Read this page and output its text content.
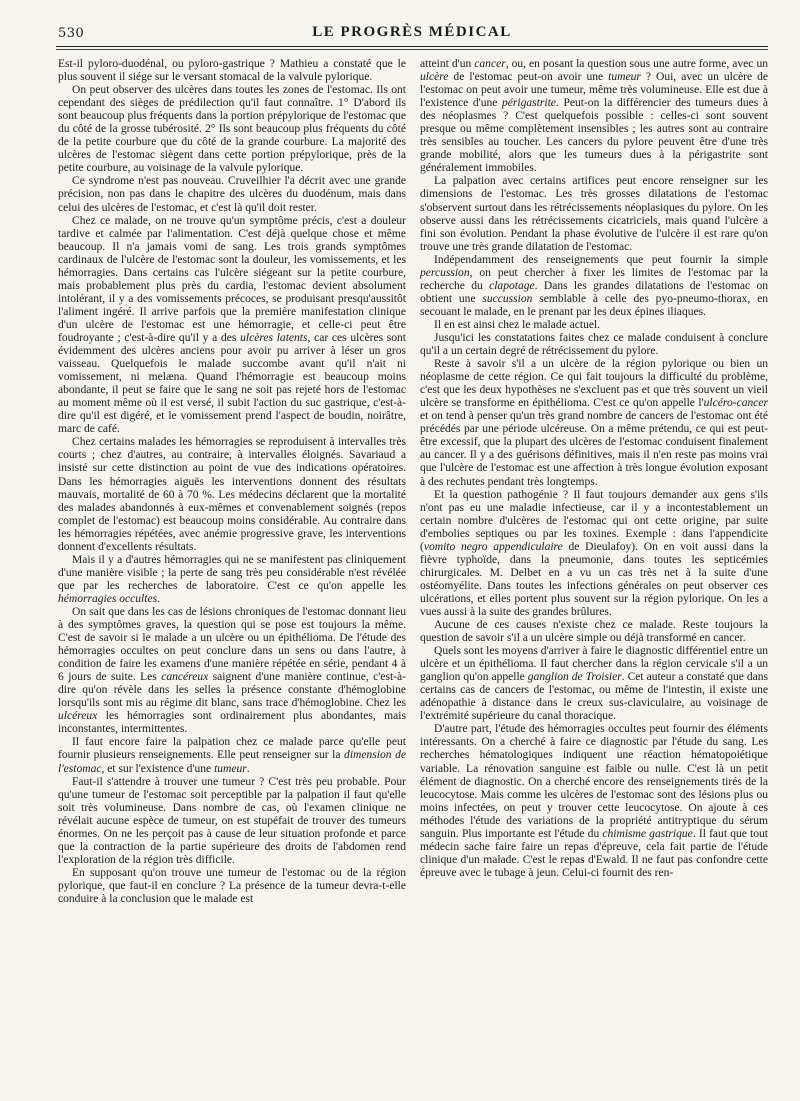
530	LE PROGRÈS MÉDICAL

Est-il pyloro-duodénal, ou pyloro-gastrique ? Mathieu a constaté que le plus souvent il siége sur le versant stomacal de la valvule pylorique.

On peut observer des ulcères dans toutes les zones de l'estomac. Ils ont cependant des sièges de prédilection qu'il faut connaître. 1° D'abord ils sont beaucoup plus fréquents dans la portion prépylorique de l'estomac que du côté de la grosse tubérosité. 2° Ils sont beaucoup plus fréquents du côté de la petite courbure que du côté de la grande courbure. La majorité des ulcères de l'estomac siègent dans cette portion prépylorique, près de la petite courbure, au voisinage de la valvule pylorique.

Ce syndrome n'est pas nouveau. Cruveilhier l'a décrit avec une grande précision, non pas dans le chapitre des ulcères du duodénum, mais dans celui des ulcères de l'estomac, et c'est là qu'il doit rester.

Chez ce malade, on ne trouve qu'un symptôme précis, c'est a douleur tardive et calmée par l'alimentation. C'est déjà quelque chose et même beaucoup. Il n'a jamais vomi de sang. Les trois grands symptômes cardinaux de l'ulcère de l'estomac sont la douleur, les vomissements, et les hémorragies. Dans certains cas l'ulcère siégeant sur la petite courbure, mais probablement plus près du cardia, l'estomac devient absolument intolérant, il y a des vomissements précoces, se produisant presqu'aussitôt l'aliment ingéré. Il arrive parfois que la première manifestation clinique d'un ulcère de l'estomac est une hémorragie, et celle-ci peut être foudroyante ; c'est-à-dire qu'il y a des ulcères latents, car ces ulcères sont évidemment des ulcères anciens pour avoir pu arriver à léser un gros vaisseau. Quelquefois le malade succombe avant qu'il n'ait ni vomissement, ni melæna. Quand l'hémorragie est beaucoup moins abondante, il peut se faire que le sang ne soit pas rejeté hors de l'estomac au moment même où il est versé, il subit l'action du suc gastrique, c'est-à-dire qu'il est digéré, et le vomissement prend l'aspect de boudin, noirâtre, marc de café.

Chez certains malades les hémorragies se reproduisent à intervalles très courts ; chez d'autres, au contraire, à intervalles éloignés. Savariaud a insisté sur cette distinction au point de vue des indications opératoires. Dans les hémorragies aiguës les interventions donnent des résultats mauvais, mortalité de 60 à 70 %. Les médecins déclarent que la mortalité des malades abandonnés à eux-mêmes et convenablement soignés (repos complet de l'estomac) est beaucoup moins considérable. Au contraire dans les hémorragies répétées, avec anémie progressive grave, les interventions donnent d'excellents résultats.

Mais il y a d'autres hémorragies qui ne se manifestent pas cliniquement d'une manière visible ; la perte de sang très peu considérable n'est révélée que par les recherches de laboratoire. C'est ce qu'on appelle les hémorragies occultes.

On sait que dans les cas de lésions chroniques de l'estomac donnant lieu à des symptômes graves, la question qui se pose est toujours la même. C'est de savoir si le malade a un ulcère ou un épithélioma. De l'étude des hémorragies occultes on peut conclure dans un sens ou dans l'autre, à condition de faire les examens d'une manière répétée en série, pendant 4 à 6 jours de suite. Les cancéreux saignent d'une manière continue, c'est-à-dire qu'on révèle dans les selles la présence constante d'hémoglobine lorsqu'ils sont mis au régime dit blanc, sans trace d'hémoglobine. Chez les ulcéreux les hémorragies sont ordinairement plus abondantes, mais inconstantes, intermittentes.

Il faut encore faire la palpation chez ce malade parce qu'elle peut fournir plusieurs renseignements. Elle peut renseigner sur la dimension de l'estomac, et sur l'existence d'une tumeur.

Faut-il s'attendre à trouver une tumeur ? C'est très peu probable. Pour qu'une tumeur de l'estomac soit perceptible par la palpation il faut qu'elle soit très volumineuse. Dans nombre de cas, où l'examen clinique ne révélait aucune espèce de tumeur, on est stupéfait de trouver des tumeurs énormes. On ne les perçoit pas à cause de leur situation profonde et parce que la contraction de la partie supérieure des droits de l'abdomen rend l'exploration de la région très difficile.

En supposant qu'on trouve une tumeur de l'estomac ou de la région pylorique, que faut-il en conclure ? La présence de la tumeur devra-t-elle conduire à la conclusion que le malade est

atteint d'un cancer, ou, en posant la question sous une autre forme, avec un ulcère de l'estomac peut-on avoir une tumeur ? Oui, avec un ulcère de l'estomac on peut avoir une tumeur, même très volumineuse. Elle est due à l'existence d'une périgastrite. Peut-on la différencier des tumeurs dues à des néoplasmes ? C'est quelquefois possible : celles-ci sont souvent presque ou même complètement insensibles ; les autres sont au contraire très sensibles au toucher. Les cancers du pylore peuvent être d'une très grande mobilité, alors que les tumeurs dues à la périgastrite sont généralement immobiles.

La palpation avec certains artifices peut encore renseigner sur les dimensions de l'estomac. Les très grosses dilatations de l'estomac s'observent surtout dans les rétrécissements néoplasiques du pylore. On les observe aussi dans les rétrécissements cicatriciels, mais quand l'ulcère a fini son évolution. Pendant la phase évolutive de l'ulcère il est rare qu'on trouve une très grande dilatation de l'estomac.

Indépendamment des renseignements que peut fournir la simple percussion, on peut chercher à fixer les limites de l'estomac par la recherche du clapotage. Dans les grandes dilatations de l'estomac on obtient une succussion semblable à celle des pyo-pneumo-thorax, en secouant le malade, en le prenant par les deux épines iliaques.

Il en est ainsi chez le malade actuel.

Jusqu'ici les constatations faites chez ce malade conduisent à conclure qu'il a un certain degré de rétrécissement du pylore.

Reste à savoir s'il a un ulcère de la région pylorique ou bien un néoplasme de cette région. Ce qui fait toujours la difficulté du problème, c'est que les deux hypothèses ne s'excluent pas et que très souvent un vieil ulcère se transforme en épithélioma. C'est ce qu'on appelle l'ulcéro-cancer et on tend à penser qu'un très grand nombre de cancers de l'estomac ont été précédés par une période ulcéreuse. On a même prétendu, ce qui est peut-être excessif, que la plupart des ulcères de l'estomac conduisent finalement au cancer. Il y a des guérisons définitives, mais il n'en reste pas moins vrai que l'ulcère de l'estomac est une affection à très longue évolution exposant à des rechutes pendant très longtemps.

Et la question pathogénie ? Il faut toujours demander aux gens s'ils n'ont pas eu une maladie infectieuse, car il y a incontestablement un certain nombre d'ulcères de l'estomac qui ont cette origine, par suite d'embolies septiques ou par les toxines. Exemple : dans l'appendicite (vomito negro appendiculaire de Dieulafoy). On en voit aussi dans la fièvre typhoïde, dans la pneumonie, dans toutes les septicémies chirurgicales. M. Delbet en a vu un cas très net à la suite d'une ostéomyélite. Dans toutes les infections générales on peut observer ces ulcérations, et elles portent plus souvent sur la région pylorique. On les a vues aussi à la suite des grandes brûlures.

Aucune de ces causes n'existe chez ce malade. Reste toujours la question de savoir s'il a un ulcère simple ou déjà transformé en cancer.

Quels sont les moyens d'arriver à faire le diagnostic différentiel entre un ulcère et un épithélioma. Il faut chercher dans la région cervicale s'il a un ganglion qu'on appelle ganglion de Troisier. Cet auteur a constaté que dans certains cas de cancers de l'estomac, ou même de l'intestin, il existe une adénopathie à distance dans le creux sus-claviculaire, au voisinage de l'extrémité supérieure du canal thoracique.

D'autre part, l'étude des hémorragies occultes peut fournir des éléments intéressants. On a cherché à faire ce diagnostic par l'étude du sang. Les recherches hématologiques indiquent une réaction hématopoiétique variable. La rénovation sanguine est faible ou nulle. C'est là un petit élément de diagnostic. On a cherché encore des renseignements tirés de la leucocytose. Mais comme les ulcères de l'estomac sont des lésions plus ou moins infectées, on peut y trouver cette leucocytose. On ajoute à ces méthodes l'étude des variations de la propriété antitryptique du sérum sanguin. Plus importante est l'étude du chimisme gastrique. Il faut que tout médecin sache faire faire un repas d'épreuve, cela fait partie de l'étude clinique d'un malade. C'est le repas d'Ewald. Il ne faut pas confondre cette épreuve avec le tubage à jeun. Celui-ci fournit des ren-
